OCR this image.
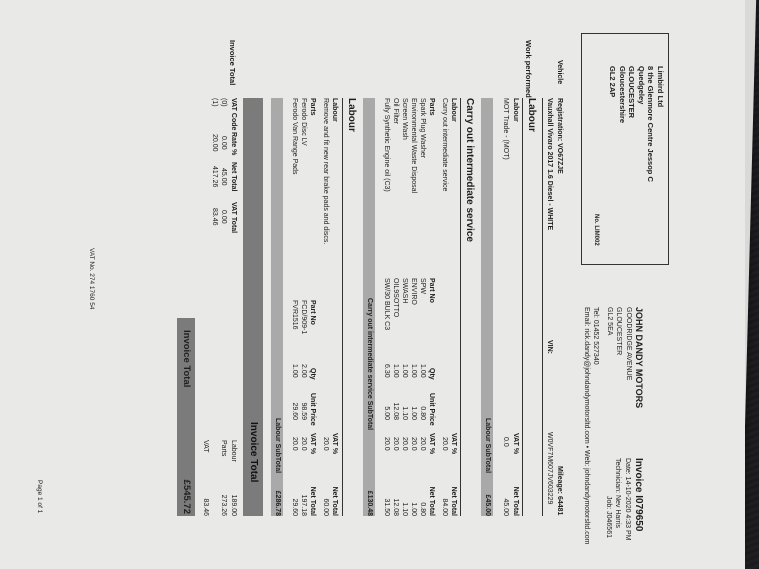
Limbird Ltd
8 the Glenmore Centre Jessop C
Quedgeley
GLOUCESTER
Gloucestershire
GL2 2AP
No. LIM002
JOHN DANDY MOTORS
GOODRIDGE AVENUE
GLOUCESTER
GL2 5EA
Tel: 01452 527340
Email: rick.dandy@johndandymotorsltd.com • Web: johndandymotorsltd.com	Invoice I079650
Date: 14-10-2020 4:33 PM
Technician: Nev Harris
Job: J046561
Vehicle
Registration: VO67ZJE
Vauxhall Vivaro 2017 1.6 Diesel - WHITE
Mileage: 64481
VIN:
W0VF7M607JV603229
Work performed
Labour
Labour
VAT %
Net Total
MOT Trade - (MOT)
0.0
45.00
Labour SubTotal
£45.00
Carry out intermediate service
Labour
VAT %
Net Total
Carry out intermediate service
20.0
84.00
Parts
Part No
Qty
Unit Price
VAT %
Net Total
Spark Plug Washer
SPW
1.00
0.80
20.0
0.80
Environmental Waste Disposal
ENVIRO
1.00
1.00
20.0
1.00
Screen Wash
SWASH
1.00
1.10
20.0
1.10
Oil Filter
OIL9SOTTO
1.00
12.08
20.0
12.08
Fully Synthetic Engine oil (C3)
SW/30 BULK C3
6.30
5.00
20.0
31.50
Carry out intermediate service SubTotal
£130.48
Labour
Labour
VAT %
Net Total
Remove and fit new rear brake pads and discs.
20.0
60.00
Parts
Part No
Qty
Unit Price
VAT %
Net Total
Ferodo Disc LV
FCD/909-1
2.00
98.59
20.0
197.18
Ferodo Van Range Pads
FVR1516
1.00
29.60
20.0
29.60
Labour SubTotal
£286.78
Invoice Total
Invoice Total
VAT Code
Rate %
Net Total
VAT Total
(0)
0.00
45.00
0.00
(1)
20.00
417.26
83.46
Labour
189.00
Parts
273.26
VAT
83.46
Invoice Total
£545.72
VAT No. 274 1760 54
Page 1 of 1
